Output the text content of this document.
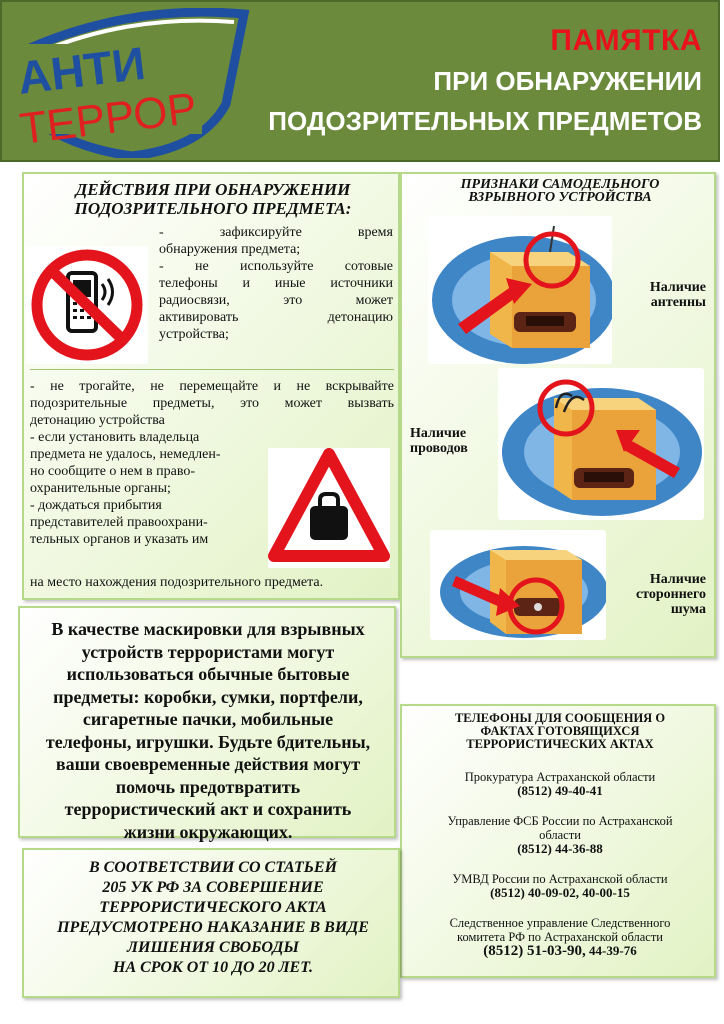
АНТИ
ТЕРРОР
ПАМЯТКА
ПРИ ОБНАРУЖЕНИИ
ПОДОЗРИТЕЛЬНЫХ ПРЕДМЕТОВ
ДЕЙСТВИЯ ПРИ ОБНАРУЖЕНИИ
ПОДОЗРИТЕЛЬНОГО ПРЕДМЕТА:
- зафиксируйте время
обнаружения предмета;
- не используйте сотовые
телефоны и иные источники
радиосвязи, это может
активировать детонацию
устройства;
- не трогайте, не перемещайте и не вскрывайте
подозрительные предметы, это может вызвать
детонацию устройства
- если установить владельца
предмета не удалось, немедлен-
но сообщите о нем в право-
охранительные органы;
- дождаться прибытия
представителей правоохрани-
тельных органов и указать им
на место нахождения подозрительного предмета.
ПРИЗНАКИ САМОДЕЛЬНОГО
ВЗРЫВНОГО УСТРОЙСТВА
Наличие
антенны
Наличие
проводов
Наличие
стороннего
шума
В качестве маскировки для взрывных
устройств террористами могут
использоваться обычные бытовые
предметы: коробки, сумки, портфели,
сигаретные пачки, мобильные
телефоны, игрушки. Будьте бдительны,
ваши своевременные действия могут
помочь предотвратить
террористический акт и сохранить
жизни окружающих.
ТЕЛЕФОНЫ ДЛЯ СООБЩЕНИЯ О
ФАКТАХ ГОТОВЯЩИХСЯ
ТЕРРОРИСТИЧЕСКИХ АКТАХ
Прокуратура Астраханской области
(8512) 49-40-41
Управление ФСБ России по Астраханской
области
(8512) 44-36-88
УМВД России по Астраханской области
(8512) 40-09-02, 40-00-15
Следственное управление Следственного
комитета РФ по Астраханской области
(8512) 51-03-90, 44-39-76
В СООТВЕТСТВИИ СО СТАТЬЕЙ
205 УК РФ ЗА СОВЕРШЕНИЕ
ТЕРРОРИСТИЧЕСКОГО АКТА
ПРЕДУСМОТРЕНО НАКАЗАНИЕ В ВИДЕ
ЛИШЕНИЯ СВОБОДЫ
НА СРОК ОТ 10 ДО 20 ЛЕТ.
